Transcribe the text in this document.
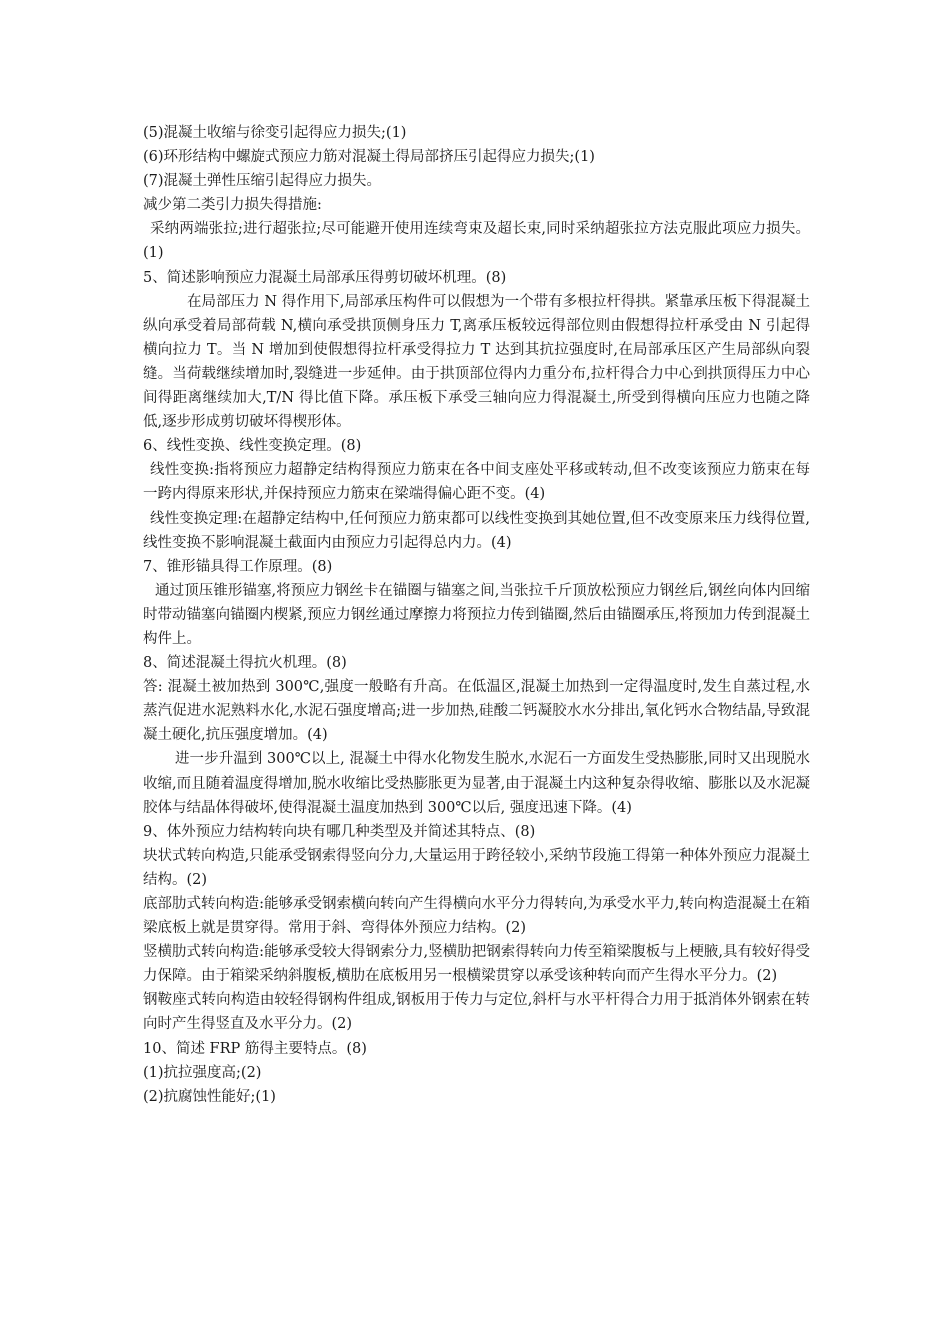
(5)混凝土收缩与徐变引起得应力损失;(1)

(6)环形结构中螺旋式预应力筋对混凝土得局部挤压引起得应力损失;(1)

(7)混凝土弹性压缩引起得应力损失。

减少第二类引力损失得措施:

采纳两端张拉;进行超张拉;尽可能避开使用连续弯束及超长束,同时采纳超张拉方法克服此项应力损失。(1)

5、简述影响预应力混凝土局部承压得剪切破坏机理。(8)

在局部压力 N 得作用下,局部承压构件可以假想为一个带有多根拉杆得拱。紧靠承压板下得混凝土纵向承受着局部荷载 N,横向承受拱顶侧身压力 T,离承压板较远得部位则由假想得拉杆承受由 N 引起得横向拉力 T。当 N 增加到使假想得拉杆承受得拉力 T 达到其抗拉强度时,在局部承压区产生局部纵向裂缝。当荷载继续增加时,裂缝进一步延伸。由于拱顶部位得内力重分布,拉杆得合力中心到拱顶得压力中心间得距离继续加大,T/N 得比值下降。承压板下承受三轴向应力得混凝土,所受到得横向压应力也随之降低,逐步形成剪切破坏得楔形体。

6、线性变换、线性变换定理。(8)

线性变换:指将预应力超静定结构得预应力筋束在各中间支座处平移或转动,但不改变该预应力筋束在每一跨内得原来形状,并保持预应力筋束在梁端得偏心距不变。(4)

线性变换定理:在超静定结构中,任何预应力筋束都可以线性变换到其她位置,但不改变原来压力线得位置,线性变换不影响混凝土截面内由预应力引起得总内力。(4)

7、锥形锚具得工作原理。(8)

通过顶压锥形锚塞,将预应力钢丝卡在锚圈与锚塞之间,当张拉千斤顶放松预应力钢丝后,钢丝向体内回缩时带动锚塞向锚圈内楔紧,预应力钢丝通过摩擦力将预拉力传到锚圈,然后由锚圈承压,将预加力传到混凝土构件上。

8、简述混凝土得抗火机理。(8)

答: 混凝土被加热到 300℃,强度一般略有升高。在低温区,混凝土加热到一定得温度时,发生自蒸过程,水蒸汽促进水泥熟料水化,水泥石强度增高;进一步加热,硅酸二钙凝胶水水分排出,氧化钙水合物结晶,导致混凝土硬化,抗压强度增加。(4)

进一步升温到 300℃以上, 混凝土中得水化物发生脱水,水泥石一方面发生受热膨胀,同时又出现脱水收缩,而且随着温度得增加,脱水收缩比受热膨胀更为显著,由于混凝土内这种复杂得收缩、膨胀以及水泥凝胶体与结晶体得破坏,使得混凝土温度加热到 300℃以后, 强度迅速下降。(4)

9、体外预应力结构转向块有哪几种类型及并简述其特点、(8)

块状式转向构造,只能承受钢索得竖向分力,大量运用于跨径较小,采纳节段施工得第一种体外预应力混凝土结构。(2)

底部肋式转向构造:能够承受钢索横向转向产生得横向水平分力得转向,为承受水平力,转向构造混凝土在箱梁底板上就是贯穿得。常用于斜、弯得体外预应力结构。(2)

竖横肋式转向构造:能够承受较大得钢索分力,竖横肋把钢索得转向力传至箱梁腹板与上梗腋,具有较好得受力保障。由于箱梁采纳斜腹板,横肋在底板用另一根横梁贯穿以承受该种转向而产生得水平分力。(2)

钢鞍座式转向构造由较轻得钢构件组成,钢板用于传力与定位,斜杆与水平杆得合力用于抵消体外钢索在转向时产生得竖直及水平分力。(2)

10、简述 FRP 筋得主要特点。(8)

(1)抗拉强度高;(2)

(2)抗腐蚀性能好;(1)
